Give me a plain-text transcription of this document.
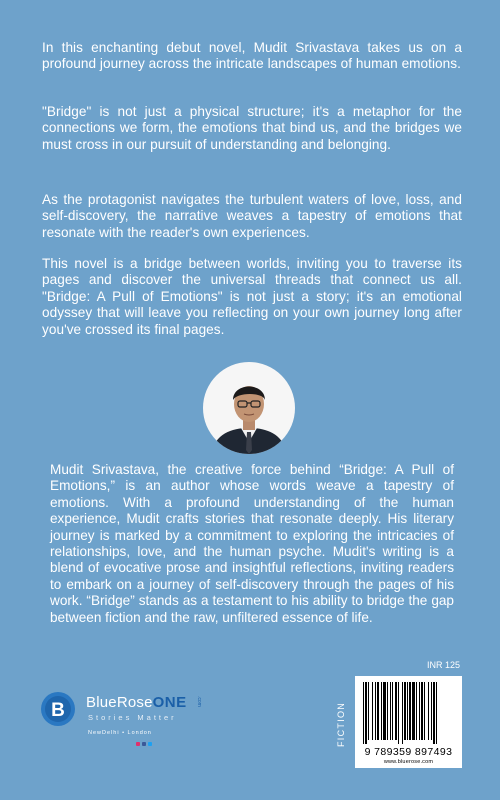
In this enchanting debut novel, Mudit Srivastava takes us on a profound journey across the intricate landscapes of human emotions.

"Bridge" is not just a physical structure; it's a metaphor for the connections we form, the emotions that bind us, and the bridges we must cross in our pursuit of understanding and belonging.

As the protagonist navigates the turbulent waters of love, loss, and self-discovery, the narrative weaves a tapestry of emotions that resonate with the reader's own experiences.

This novel is a bridge between worlds, inviting you to traverse its pages and discover the universal threads that connect us all. "Bridge: A Pull of Emotions" is not just a story; it's an emotional odyssey that will leave you reflecting on your own journey long after you've crossed its final pages.

Mudit Srivastava, the creative force behind “Bridge: A Pull of Emotions,” is an author whose words weave a tapestry of emotions. With a profound understanding of the human experience, Mudit crafts stories that resonate deeply. His literary journey is marked by a commitment to exploring the intricacies of relationships, love, and the human psyche. Mudit's writing is a blend of evocative prose and insightful reflections, inviting readers to embark on a journey of self-discovery through the pages of his work. “Bridge” stands as a testament to his ability to bridge the gap between fiction and the raw, unfiltered essence of life.

B BlueRoseONE .com
Stories Matter
NewDelhi • London	FICTION
INR 125
9 789359 897493
www.bluerose.com
